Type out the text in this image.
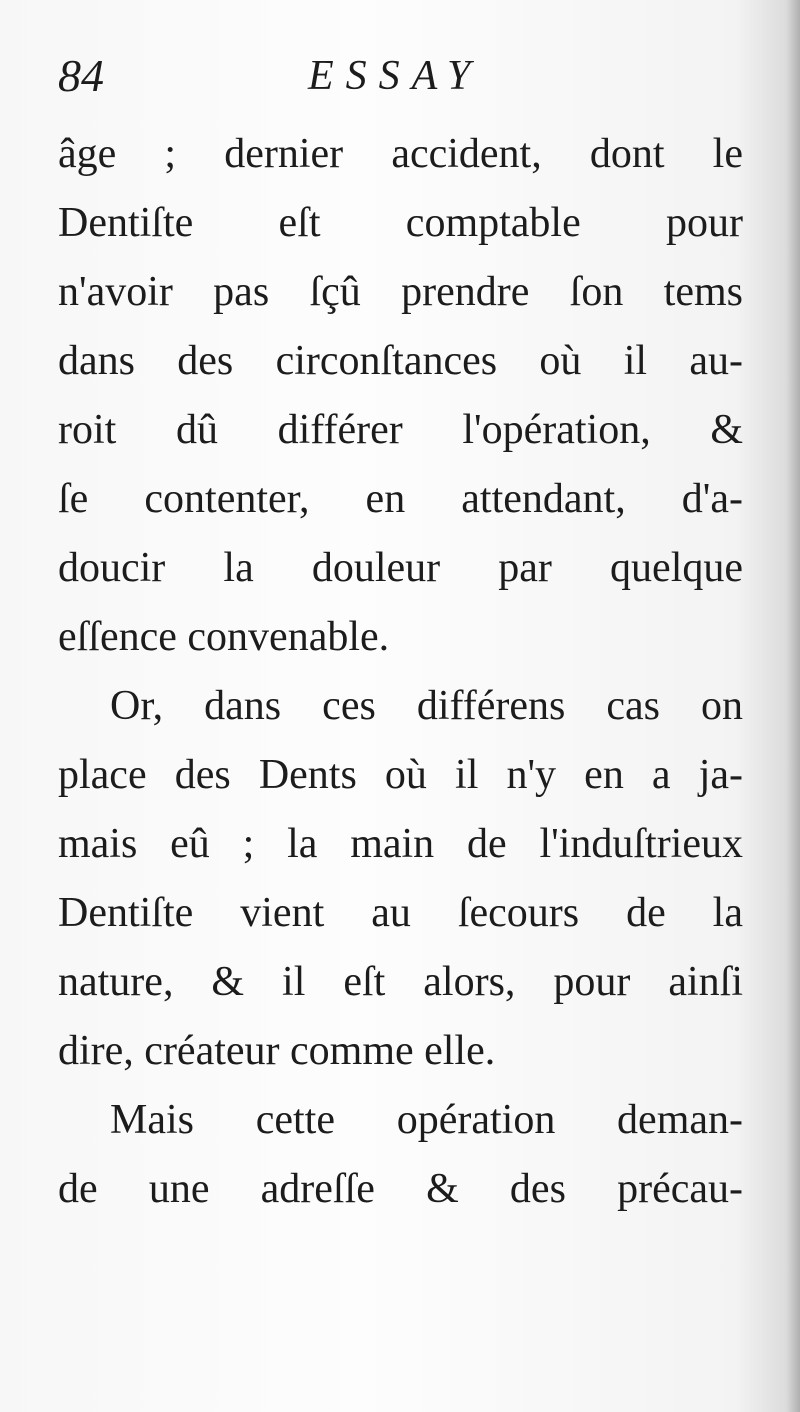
84	ESSAY
âge ; dernier accident, dont le
Dentiſte eſt comptable pour
n'avoir pas ſçû prendre ſon tems
dans des circonſtances où il au-
roit dû différer l'opération, &
ſe contenter, en attendant, d'a-
doucir la douleur par quelque
eſſence convenable.
Or, dans ces différens cas on
place des Dents où il n'y en a ja-
mais eû ; la main de l'induſtrieux
Dentiſte vient au ſecours de la
nature, & il eſt alors, pour ainſi
dire, créateur comme elle.
Mais cette opération deman-
de une adreſſe & des précau-
